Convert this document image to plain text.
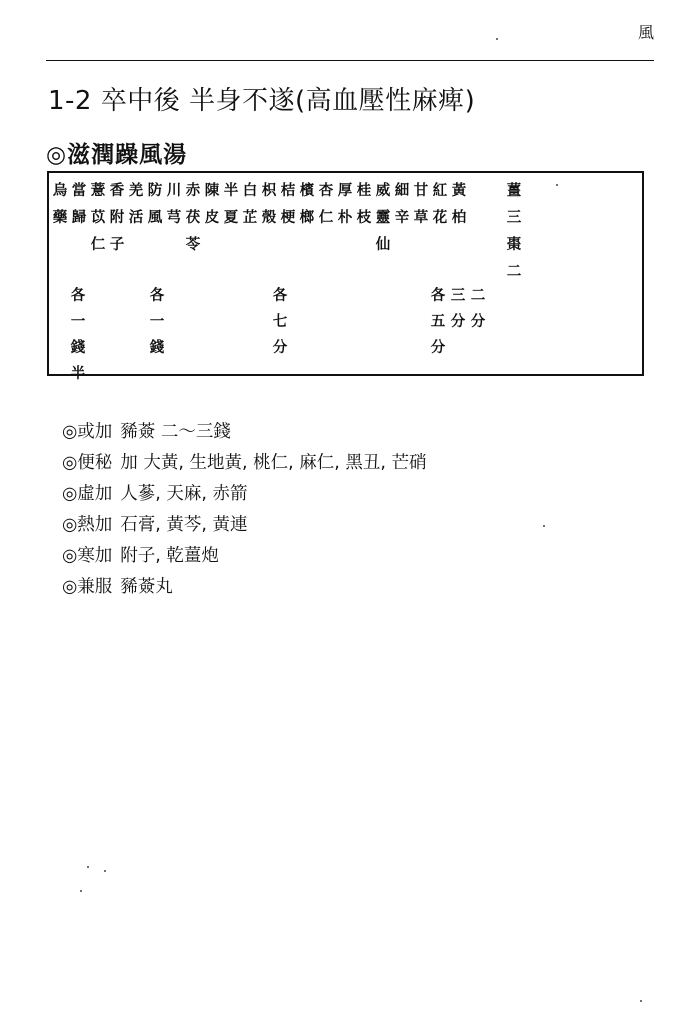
風
1-2 卒中後 半身不遂(高血壓性麻痺)
◎滋潤躁風湯
烏藥
當歸
薏苡仁
香附子
羌活
防風
川芎
赤茯苓
陳皮
半夏
白芷
枳殼
桔梗
檳榔
杏仁
厚朴
桂枝
威靈仙
細辛
甘草
紅花
黃柏
薑三棗二
各一錢半
各一錢
各七分
各五分
三分
二分
◎或加 豨薟 二～三錢
◎便秘 加 大黃, 生地黃, 桃仁, 麻仁, 黑丑, 芒硝
◎虛加 人蔘, 天麻, 赤箭
◎熱加 石膏, 黃芩, 黃連
◎寒加 附子, 乾薑炮
◎兼服 豨薟丸
